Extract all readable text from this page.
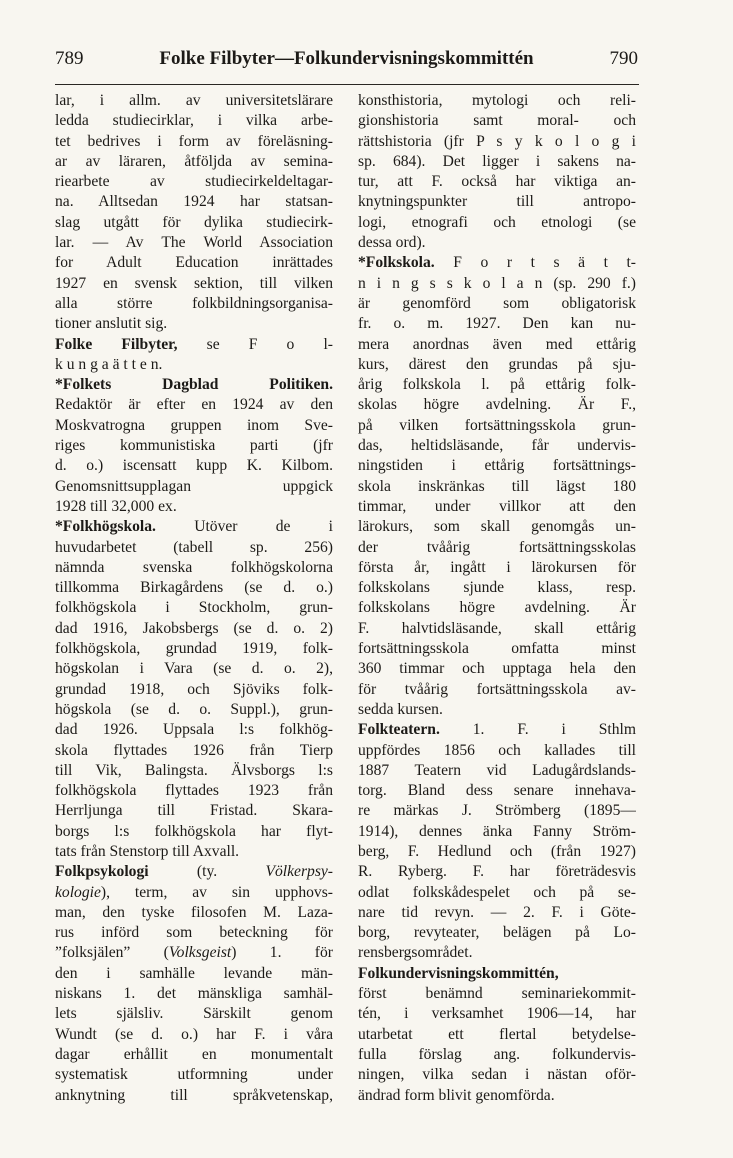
789	Folke Filbyter—Folkundervisningskommittén	790
lar, i allm. av universitetslärare
ledda studiecirklar, i vilka arbe-
tet bedrives i form av föreläsning-
ar av läraren, åtföljda av semina-
riearbete av studiecirkeldeltagar-
na. Alltsedan 1924 har statsan-
slag utgått för dylika studiecirk-
lar. — Av The World Association
for Adult Education inrättades
1927 en svensk sektion, till vilken
alla större folkbildningsorganisa-
tioner anslutit sig.
Folke Filbyter, se F o l-
k u n g a ä t t e n.
*Folkets Dagblad Politiken.
Redaktör är efter en 1924 av den
Moskvatrogna gruppen inom Sve-
riges kommunistiska parti (jfr
d. o.) iscensatt kupp K. Kilbom.
Genomsnittsupplagan uppgick
1928 till 32,000 ex.
*Folkhögskola. Utöver de i
huvudarbetet (tabell sp. 256)
nämnda svenska folkhögskolorna
tillkomma Birkagårdens (se d. o.)
folkhögskola i Stockholm, grun-
dad 1916, Jakobsbergs (se d. o. 2)
folkhögskola, grundad 1919, folk-
högskolan i Vara (se d. o. 2),
grundad 1918, och Sjöviks folk-
högskola (se d. o. Suppl.), grun-
dad 1926. Uppsala l:s folkhög-
skola flyttades 1926 från Tierp
till Vik, Balingsta. Älvsborgs l:s
folkhögskola flyttades 1923 från
Herrljunga till Fristad. Skara-
borgs l:s folkhögskola har flyt-
tats från Stenstorp till Axvall.
Folkpsykologi (ty. Völkerpsy-
kologie), term, av sin upphovs-
man, den tyske filosofen M. Laza-
rus införd som beteckning för
”folksjälen” (Volksgeist) 1. för
den i samhälle levande män-
niskans 1. det mänskliga samhäl-
lets själsliv. Särskilt genom
Wundt (se d. o.) har F. i våra
dagar erhållit en monumentalt
systematisk utformning under
anknytning till språkvetenskap,
konsthistoria, mytologi och reli-
gionshistoria samt moral- och
rättshistoria (jfr P s y k o l o g i
sp. 684). Det ligger i sakens na-
tur, att F. också har viktiga an-
knytningspunkter till antropo-
logi, etnografi och etnologi (se
dessa ord).
*Folkskola. F o r t s ä t t-
n i n g s s k o l a n (sp. 290 f.)
är genomförd som obligatorisk
fr. o. m. 1927. Den kan nu-
mera anordnas även med ettårig
kurs, därest den grundas på sju-
årig folkskola l. på ettårig folk-
skolas högre avdelning. Är F.,
på vilken fortsättningsskola grun-
das, heltidsläsande, får undervis-
ningstiden i ettårig fortsättnings-
skola inskränkas till lägst 180
timmar, under villkor att den
lärokurs, som skall genomgås un-
der tvåårig fortsättningsskolas
första år, ingått i lärokursen för
folkskolans sjunde klass, resp.
folkskolans högre avdelning. Är
F. halvtidsläsande, skall ettårig
fortsättningsskola omfatta minst
360 timmar och upptaga hela den
för tvåårig fortsättningsskola av-
sedda kursen.
Folkteatern. 1. F. i Sthlm
uppfördes 1856 och kallades till
1887 Teatern vid Ladugårdslands-
torg. Bland dess senare innehava-
re märkas J. Strömberg (1895—
1914), dennes änka Fanny Ström-
berg, F. Hedlund och (från 1927)
R. Ryberg. F. har företrädesvis
odlat folkskådespelet och på se-
nare tid revyn. — 2. F. i Göte-
borg, revyteater, belägen på Lo-
rensbergsområdet.
Folkundervisningskommittén,
först benämnd seminariekommit-
tén, i verksamhet 1906—14, har
utarbetat ett flertal betydelse-
fulla förslag ang. folkundervis-
ningen, vilka sedan i nästan oför-
ändrad form blivit genomförda.
